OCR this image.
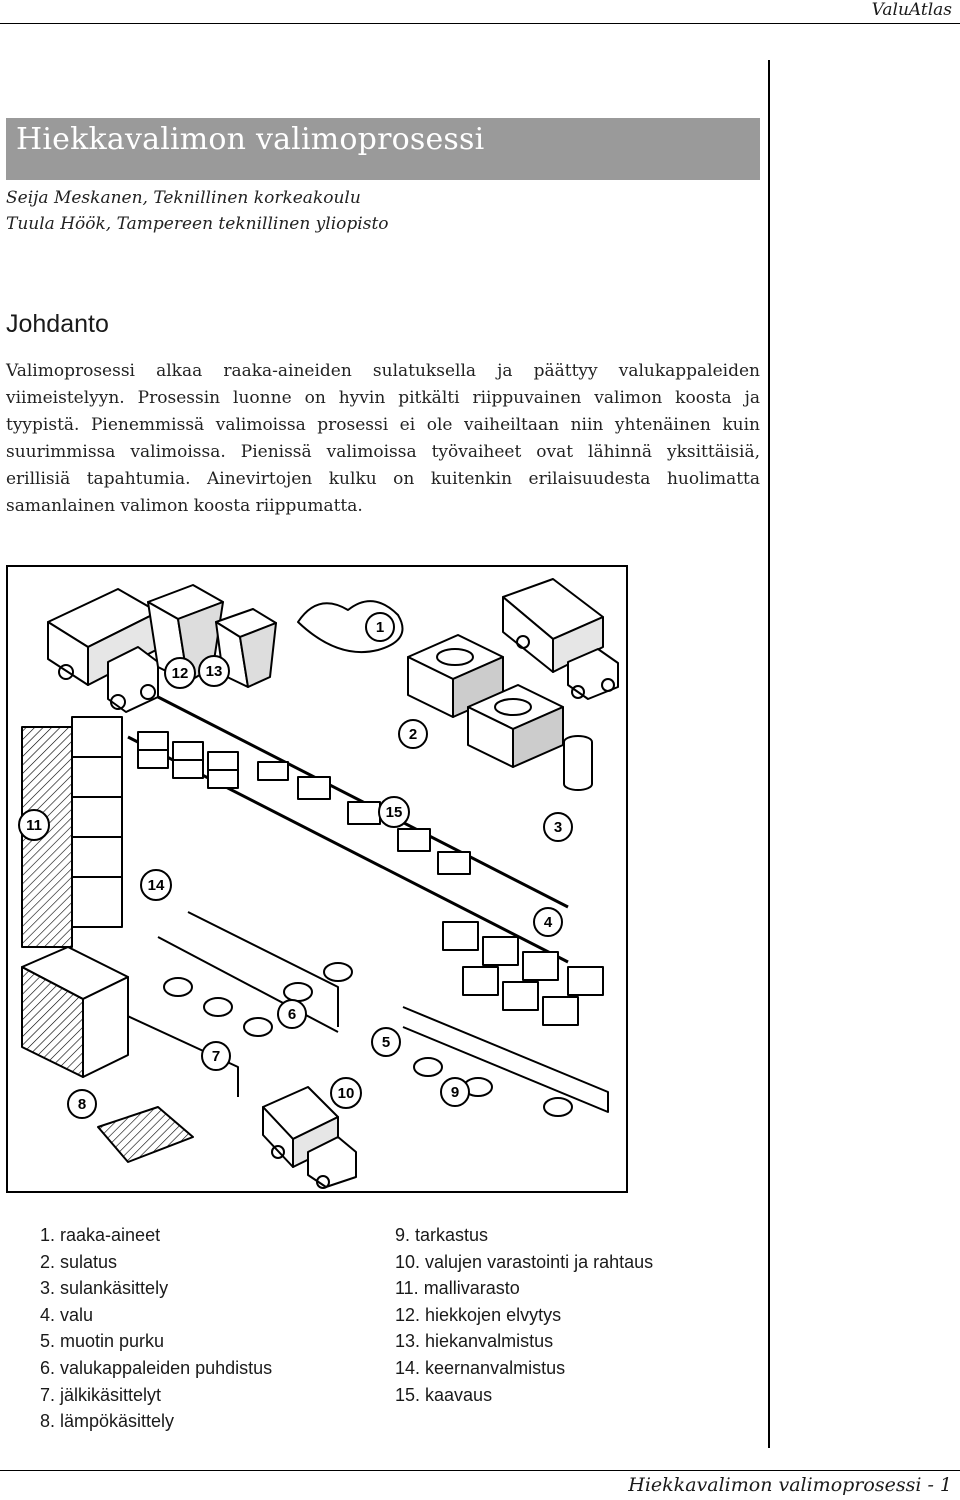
ValuAtlas
Hiekkavalimon valimoprosessi
Seija Meskanen, Teknillinen korkeakoulu
Tuula Höök, Tampereen teknillinen yliopisto
Johdanto
Valimoprosessi alkaa raaka-aineiden sulatuksella ja päättyy valukappaleiden viimeistelyyn. Prosessin luonne on hyvin pitkälti riippuvainen valimon koosta ja tyypistä. Pienemmissä valimoissa prosessi ei ole vaiheiltaan niin yhtenäinen kuin suurimmissa valimoissa. Pienissä valimoissa työvaiheet ovat lähinnä yksittäisiä, erillisiä tapahtumia. Ainevirtojen kulku on kuitenkin erilaisuudesta huolimatta samanlainen valimon koosta riippumatta.
1
2
3
4
5
6
7
8
9
10
11
12 13
14
15
1. raaka-aineet
2. sulatus
3. sulankäsittely
4. valu
5. muotin purku
6. valukappaleiden puhdistus
7. jälkikäsittelyt
8. lämpökäsittely
9. tarkastus
10. valujen varastointi ja rahtaus
11. mallivarasto
12. hiekkojen elvytys
13. hiekanvalmistus
14. keernanvalmistus
15. kaavaus
Hiekkavalimon valimoprosessi - 1
